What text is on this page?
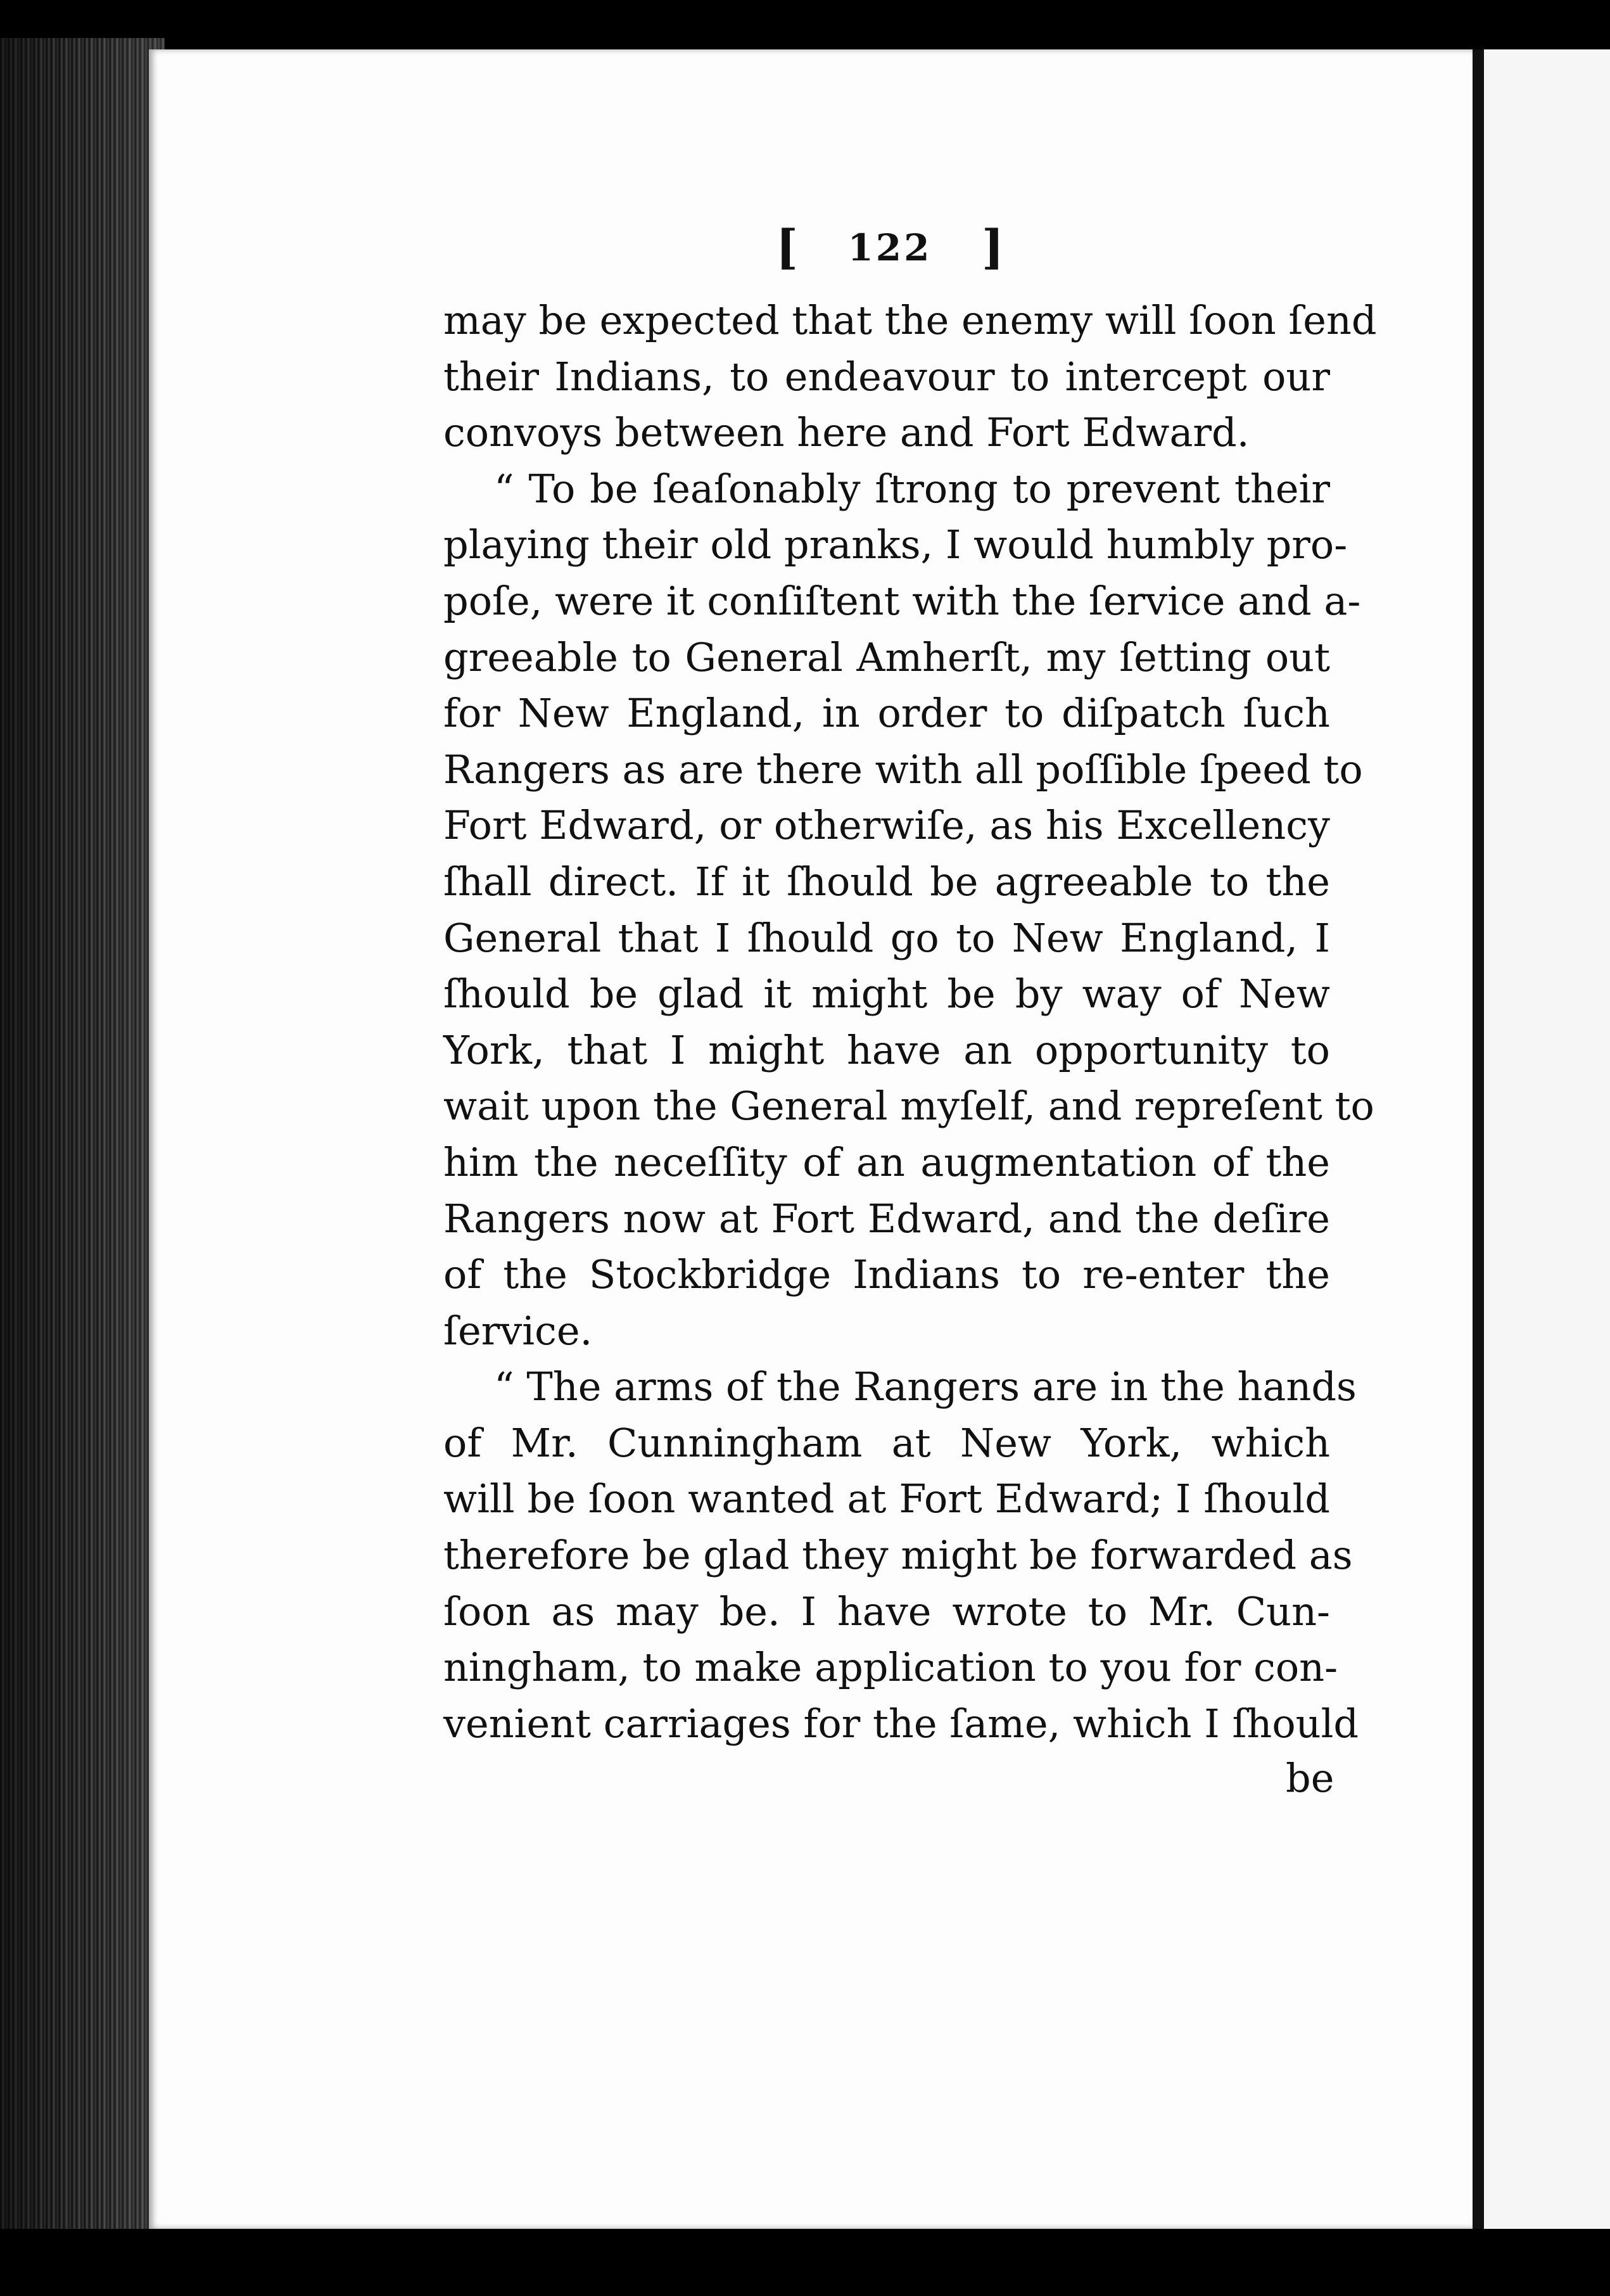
[ 122 ]
may be expected that the enemy will ſoon ſend
their Indians, to endeavour to intercept our
convoys between here and Fort Edward.
“ To be ſeaſonably ſtrong to prevent their
playing their old pranks, I would humbly pro-
poſe, were it conſiſtent with the ſervice and a-
greeable to General Amherſt, my ſetting out
for New England, in order to diſpatch ſuch
Rangers as are there with all poſſible ſpeed to
Fort Edward, or otherwiſe, as his Excellency
ſhall direct. If it ſhould be agreeable to the
General that I ſhould go to New England, I
ſhould be glad it might be by way of New
York, that I might have an opportunity to
wait upon the General myſelf, and repreſent to
him the neceſſity of an augmentation of the
Rangers now at Fort Edward, and the deſire
of the Stockbridge Indians to re-enter the
ſervice.
“ The arms of the Rangers are in the hands
of Mr. Cunningham at New York, which
will be ſoon wanted at Fort Edward; I ſhould
therefore be glad they might be forwarded as
ſoon as may be. I have wrote to Mr. Cun-
ningham, to make application to you for con-
venient carriages for the ſame, which I ſhould
be
